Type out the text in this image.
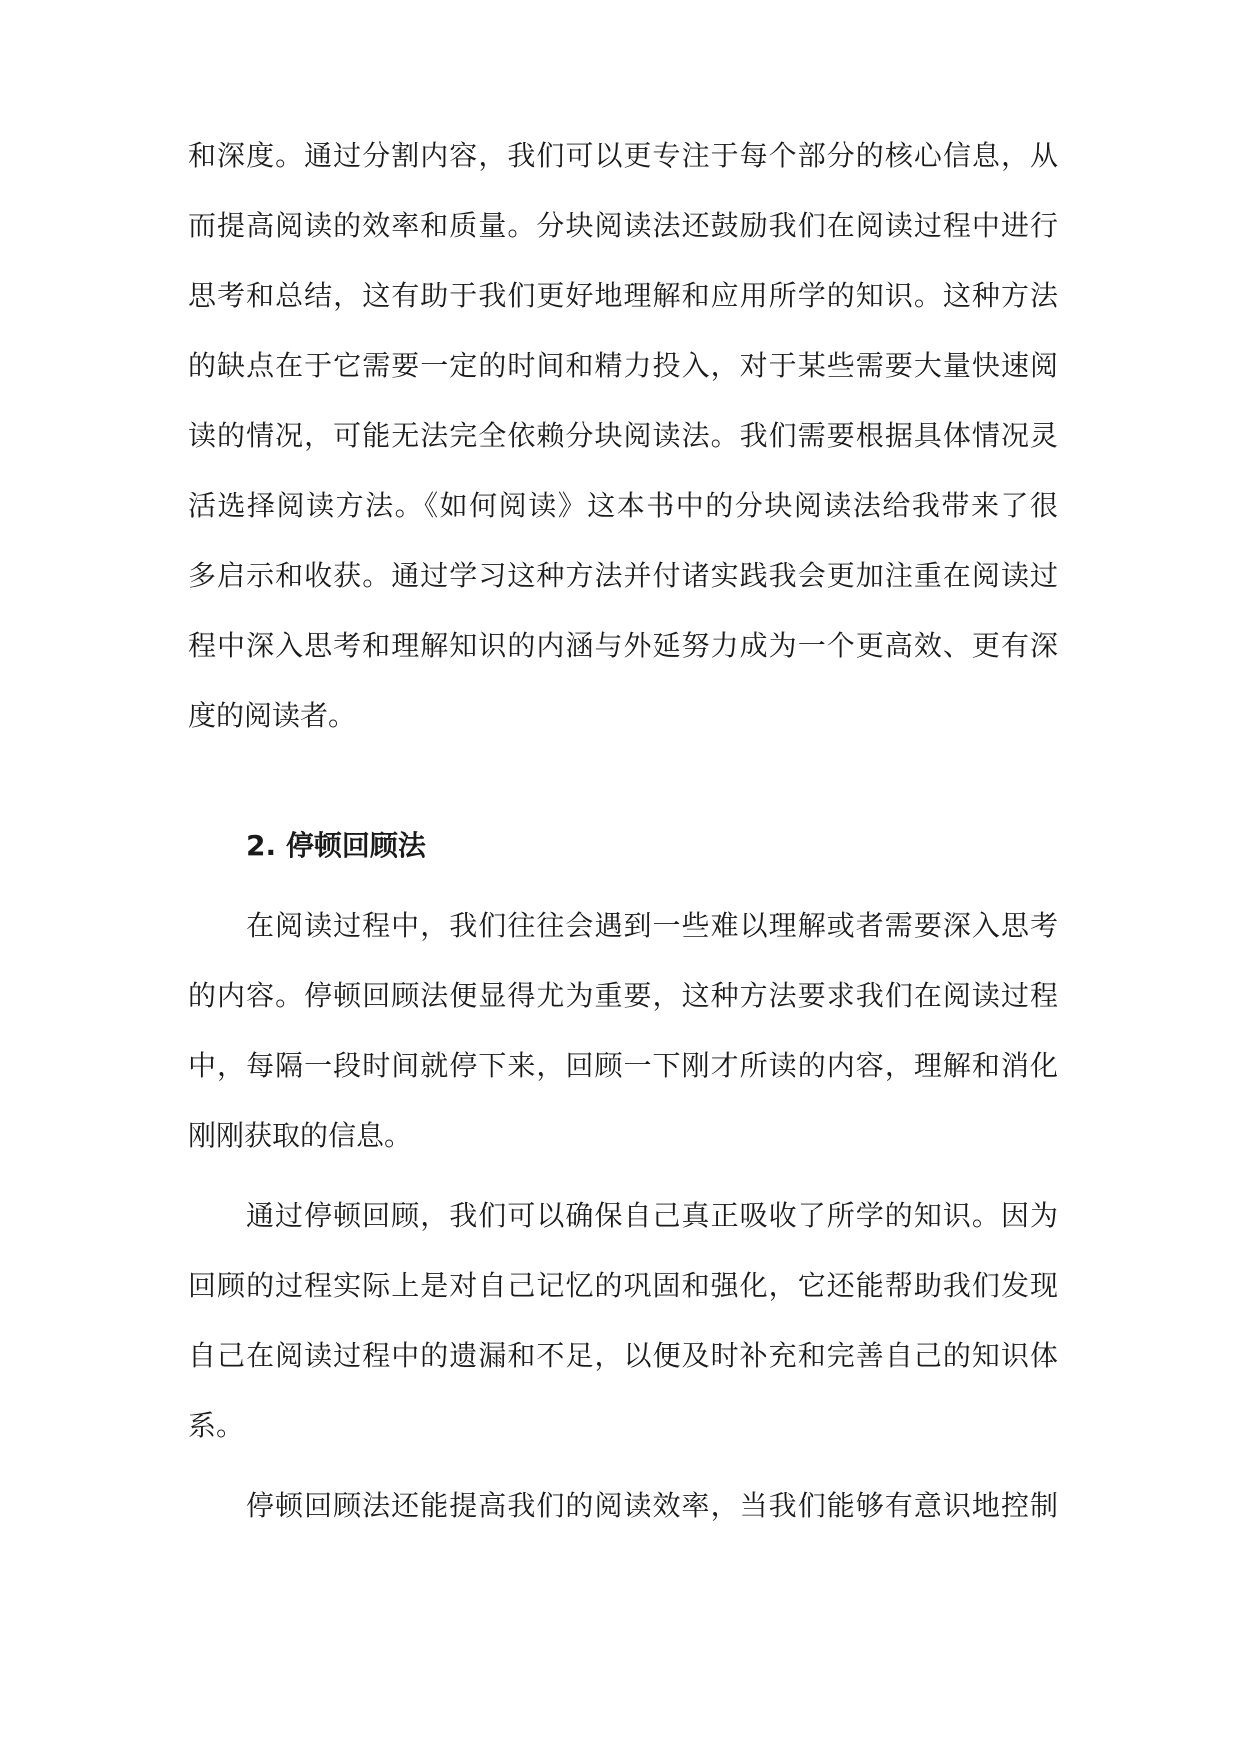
和深度。通过分割内容，我们可以更专注于每个部分的核心信息，从
而提高阅读的效率和质量。分块阅读法还鼓励我们在阅读过程中进行
思考和总结，这有助于我们更好地理解和应用所学的知识。这种方法
的缺点在于它需要一定的时间和精力投入，对于某些需要大量快速阅
读的情况，可能无法完全依赖分块阅读法。我们需要根据具体情况灵
活选择阅读方法。《如何阅读》这本书中的分块阅读法给我带来了很
多启示和收获。通过学习这种方法并付诸实践我会更加注重在阅读过
程中深入思考和理解知识的内涵与外延努力成为一个更高效、更有深
度的阅读者。
2. 停顿回顾法
在阅读过程中，我们往往会遇到一些难以理解或者需要深入思考
的内容。停顿回顾法便显得尤为重要，这种方法要求我们在阅读过程
中，每隔一段时间就停下来，回顾一下刚才所读的内容，理解和消化
刚刚获取的信息。
通过停顿回顾，我们可以确保自己真正吸收了所学的知识。因为
回顾的过程实际上是对自己记忆的巩固和强化，它还能帮助我们发现
自己在阅读过程中的遗漏和不足，以便及时补充和完善自己的知识体
系。
停顿回顾法还能提高我们的阅读效率，当我们能够有意识地控制
